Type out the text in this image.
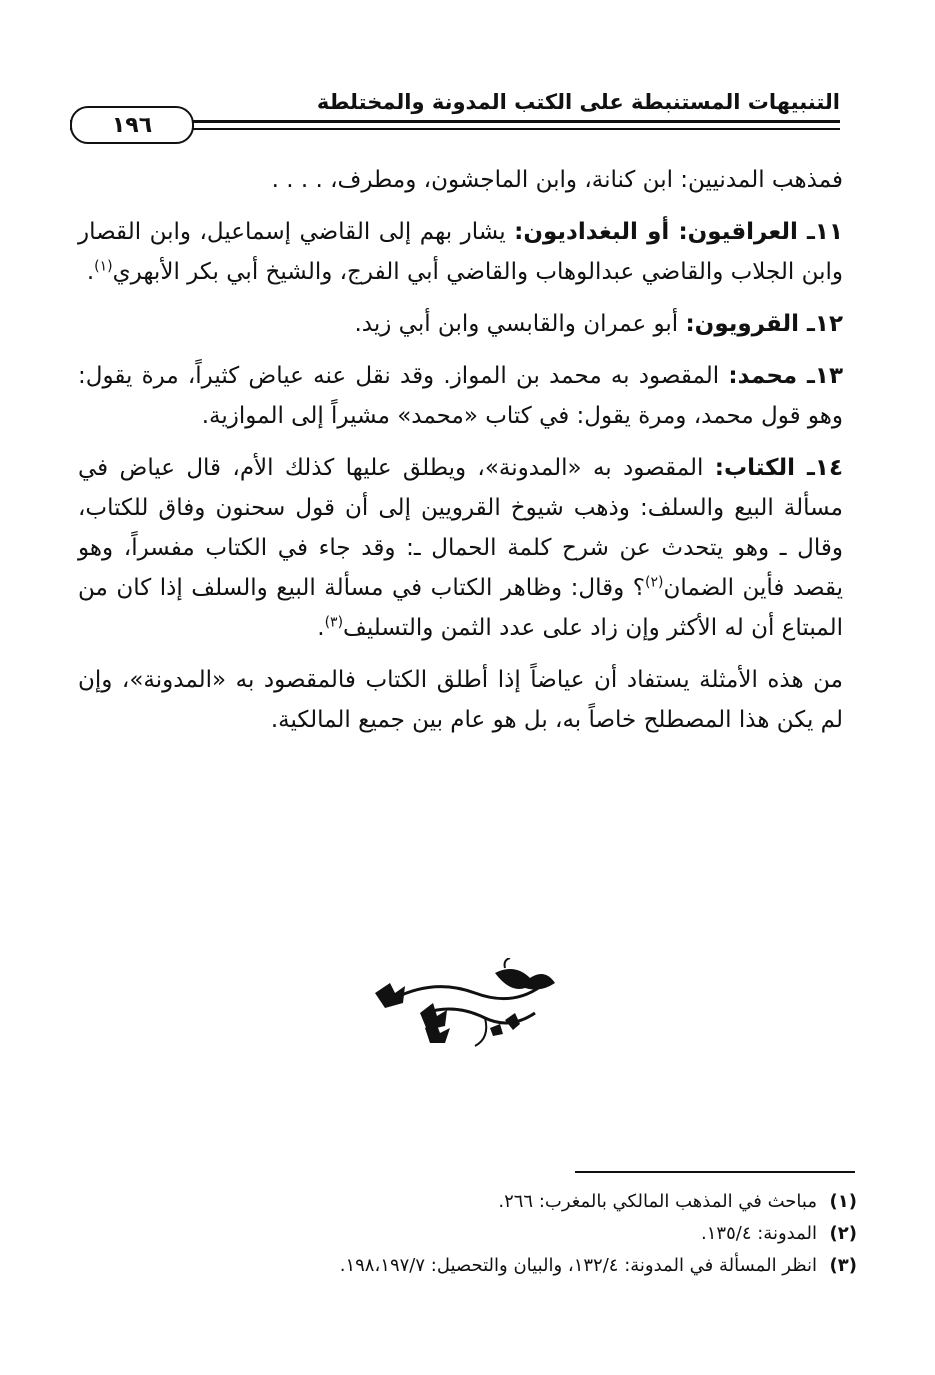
التنبيهات المستنبطة على الكتب المدونة والمختلطة
١٩٦

فمذهب المدنيين: ابن كنانة، وابن الماجشون، ومطرف، . . . .

١١ـ العراقيون: أو البغداديون: يشار بهم إلى القاضي إسماعيل، وابن القصار وابن الجلاب والقاضي عبدالوهاب والقاضي أبي الفرج، والشيخ أبي بكر الأبهري$^{(١)}$.

١٢ـ القرويون: أبو عمران والقابسي وابن أبي زيد.

١٣ـ محمد: المقصود به محمد بن المواز. وقد نقل عنه عياض كثيراً، مرة يقول: وهو قول محمد، ومرة يقول: في كتاب «محمد» مشيراً إلى الموازية.

١٤ـ الكتاب: المقصود به «المدونة»، ويطلق عليها كذلك الأم، قال عياض في مسألة البيع والسلف: وذهب شيوخ القرويين إلى أن قول سحنون وفاق للكتاب، وقال ـ وهو يتحدث عن شرح كلمة الحمال ـ: وقد جاء في الكتاب مفسراً، وهو يقصد فأين الضمان$^{(٢)}$؟ وقال: وظاهر الكتاب في مسألة البيع والسلف إذا كان من المبتاع أن له الأكثر وإن زاد على عدد الثمن والتسليف$^{(٣)}$.

من هذه الأمثلة يستفاد أن عياضاً إذا أطلق الكتاب فالمقصود به «المدونة»، وإن لم يكن هذا المصطلح خاصاً به، بل هو عام بين جميع المالكية.

(١)
مباحث في المذهب المالكي بالمغرب: ٢٦٦.
(٢)
المدونة: ١٣٥/٤.
(٣)
انظر المسألة في المدونة: ١٣٢/٤، والبيان والتحصيل: ١٩٨،١٩٧/٧.
